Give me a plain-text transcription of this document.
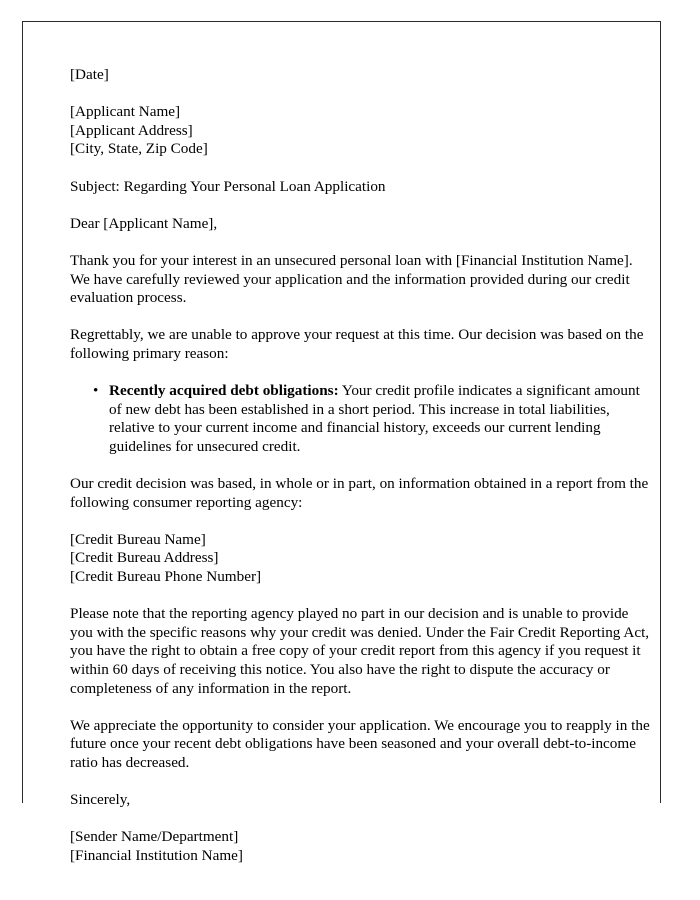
[Date]
[Applicant Name]
[Applicant Address]
[City, State, Zip Code]
Subject: Regarding Your Personal Loan Application
Dear [Applicant Name],

Thank you for your interest in an unsecured personal loan with [Financial Institution Name]. We have carefully reviewed your application and the information provided during our credit evaluation process.

Regrettably, we are unable to approve your request at this time. Our decision was based on the following primary reason:

• Recently acquired debt obligations: Your credit profile indicates a significant amount of new debt has been established in a short period. This increase in total liabilities, relative to your current income and financial history, exceeds our current lending guidelines for unsecured credit.

Our credit decision was based, in whole or in part, on information obtained in a report from the following consumer reporting agency:

[Credit Bureau Name]
[Credit Bureau Address]
[Credit Bureau Phone Number]

Please note that the reporting agency played no part in our decision and is unable to provide you with the specific reasons why your credit was denied. Under the Fair Credit Reporting Act, you have the right to obtain a free copy of your credit report from this agency if you request it within 60 days of receiving this notice. You also have the right to dispute the accuracy or completeness of any information in the report.

We appreciate the opportunity to consider your application. We encourage you to reapply in the future once your recent debt obligations have been seasoned and your overall debt-to-income ratio has decreased.

Sincerely,
[Sender Name/Department]
[Financial Institution Name]
